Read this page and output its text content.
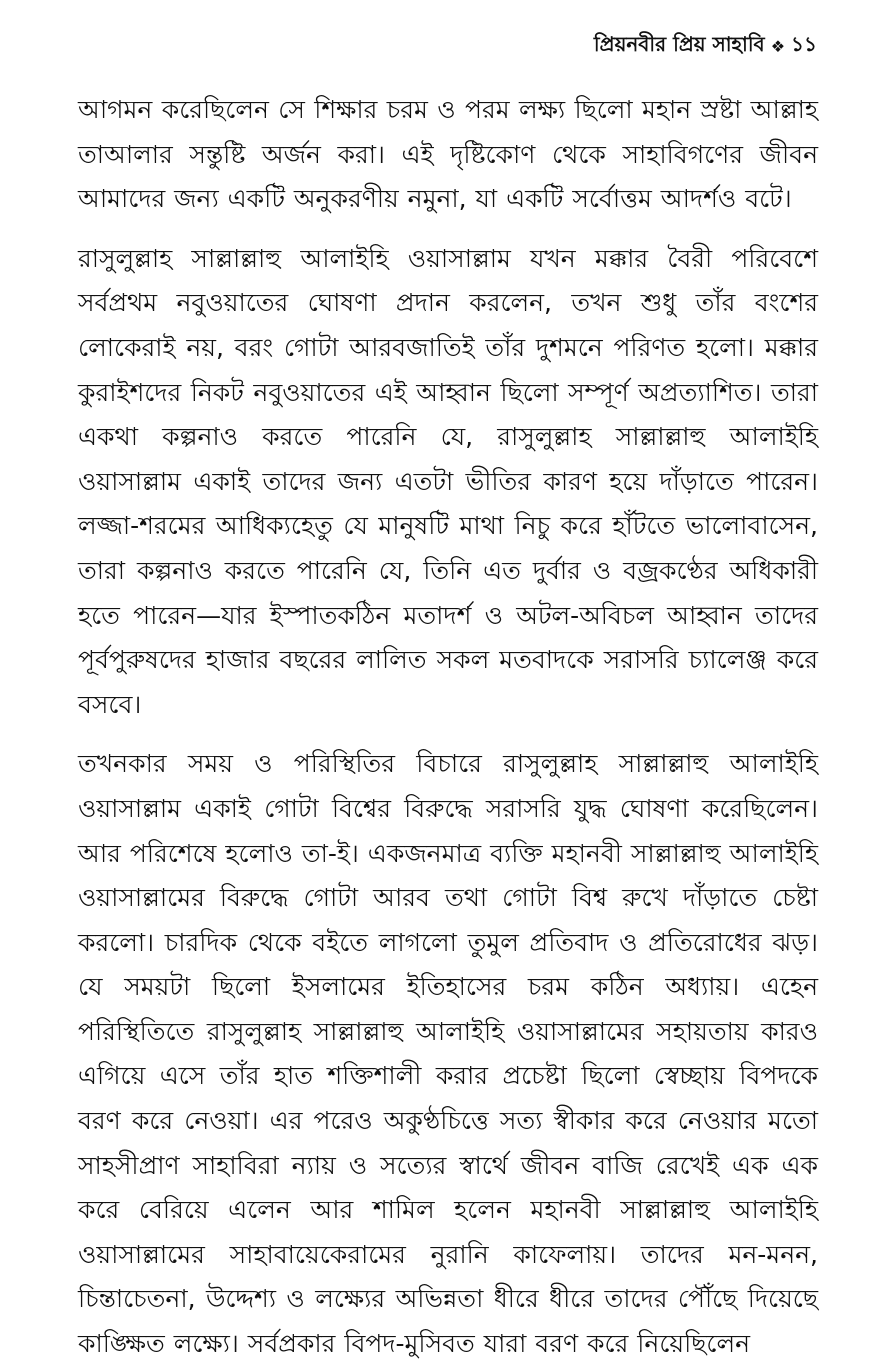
প্রিয়নবীর প্রিয় সাহাবি ❖ ১১

আগমন করেছিলেন সে শিক্ষার চরম ও পরম লক্ষ্য ছিলো মহান স্রষ্টা আল্লাহ তাআলার সন্তুষ্টি অর্জন করা। এই দৃষ্টিকোণ থেকে সাহাবিগণের জীবন আমাদের জন্য একটি অনুকরণীয় নমুনা, যা একটি সর্বোত্তম আদর্শও বটে।

রাসুলুল্লাহ সাল্লাল্লাহু আলাইহি ওয়াসাল্লাম যখন মক্কার বৈরী পরিবেশে সর্বপ্রথম নবুওয়াতের ঘোষণা প্রদান করলেন, তখন শুধু তাঁর বংশের লোকেরাই নয়, বরং গোটা আরবজাতিই তাঁর দুশমনে পরিণত হলো। মক্কার কুরাইশদের নিকট নবুওয়াতের এই আহ্বান ছিলো সম্পূর্ণ অপ্রত্যাশিত। তারা একথা কল্পনাও করতে পারেনি যে, রাসুলুল্লাহ সাল্লাল্লাহু আলাইহি ওয়াসাল্লাম একাই তাদের জন্য এতটা ভীতির কারণ হয়ে দাঁড়াতে পারেন। লজ্জা-শরমের আধিক্যহেতু যে মানুষটি মাথা নিচু করে হাঁটতে ভালোবাসেন, তারা কল্পনাও করতে পারেনি যে, তিনি এত দুর্বার ও বজ্রকণ্ঠের অধিকারী হতে পারেন—যার ইস্পাতকঠিন মতাদর্শ ও অটল-অবিচল আহ্বান তাদের পূর্বপুরুষদের হাজার বছরের লালিত সকল মতবাদকে সরাসরি চ্যালেঞ্জ করে বসবে।

তখনকার সময় ও পরিস্থিতির বিচারে রাসুলুল্লাহ সাল্লাল্লাহু আলাইহি ওয়াসাল্লাম একাই গোটা বিশ্বের বিরুদ্ধে সরাসরি যুদ্ধ ঘোষণা করেছিলেন। আর পরিশেষে হলোও তা-ই। একজনমাত্র ব্যক্তি মহানবী সাল্লাল্লাহু আলাইহি ওয়াসাল্লামের বিরুদ্ধে গোটা আরব তথা গোটা বিশ্ব রুখে দাঁড়াতে চেষ্টা করলো। চারদিক থেকে বইতে লাগলো তুমুল প্রতিবাদ ও প্রতিরোধের ঝড়। যে সময়টা ছিলো ইসলামের ইতিহাসের চরম কঠিন অধ্যায়। এহেন পরিস্থিতিতে রাসুলুল্লাহ সাল্লাল্লাহু আলাইহি ওয়াসাল্লামের সহায়তায় কারও এগিয়ে এসে তাঁর হাত শক্তিশালী করার প্রচেষ্টা ছিলো স্বেচ্ছায় বিপদকে বরণ করে নেওয়া। এর পরেও অকুণ্ঠচিত্তে সত্য স্বীকার করে নেওয়ার মতো সাহসীপ্রাণ সাহাবিরা ন্যায় ও সত্যের স্বার্থে জীবন বাজি রেখেই এক এক করে বেরিয়ে এলেন আর শামিল হলেন মহানবী সাল্লাল্লাহু আলাইহি ওয়াসাল্লামের সাহাবায়েকেরামের নুরানি কাফেলায়। তাদের মন-মনন, চিন্তাচেতনা, উদ্দেশ্য ও লক্ষ্যের অভিন্নতা ধীরে ধীরে তাদের পৌঁছে দিয়েছে কাঙ্ক্ষিত লক্ষ্যে। সর্বপ্রকার বিপদ-মুসিবত যারা বরণ করে নিয়েছিলেন
